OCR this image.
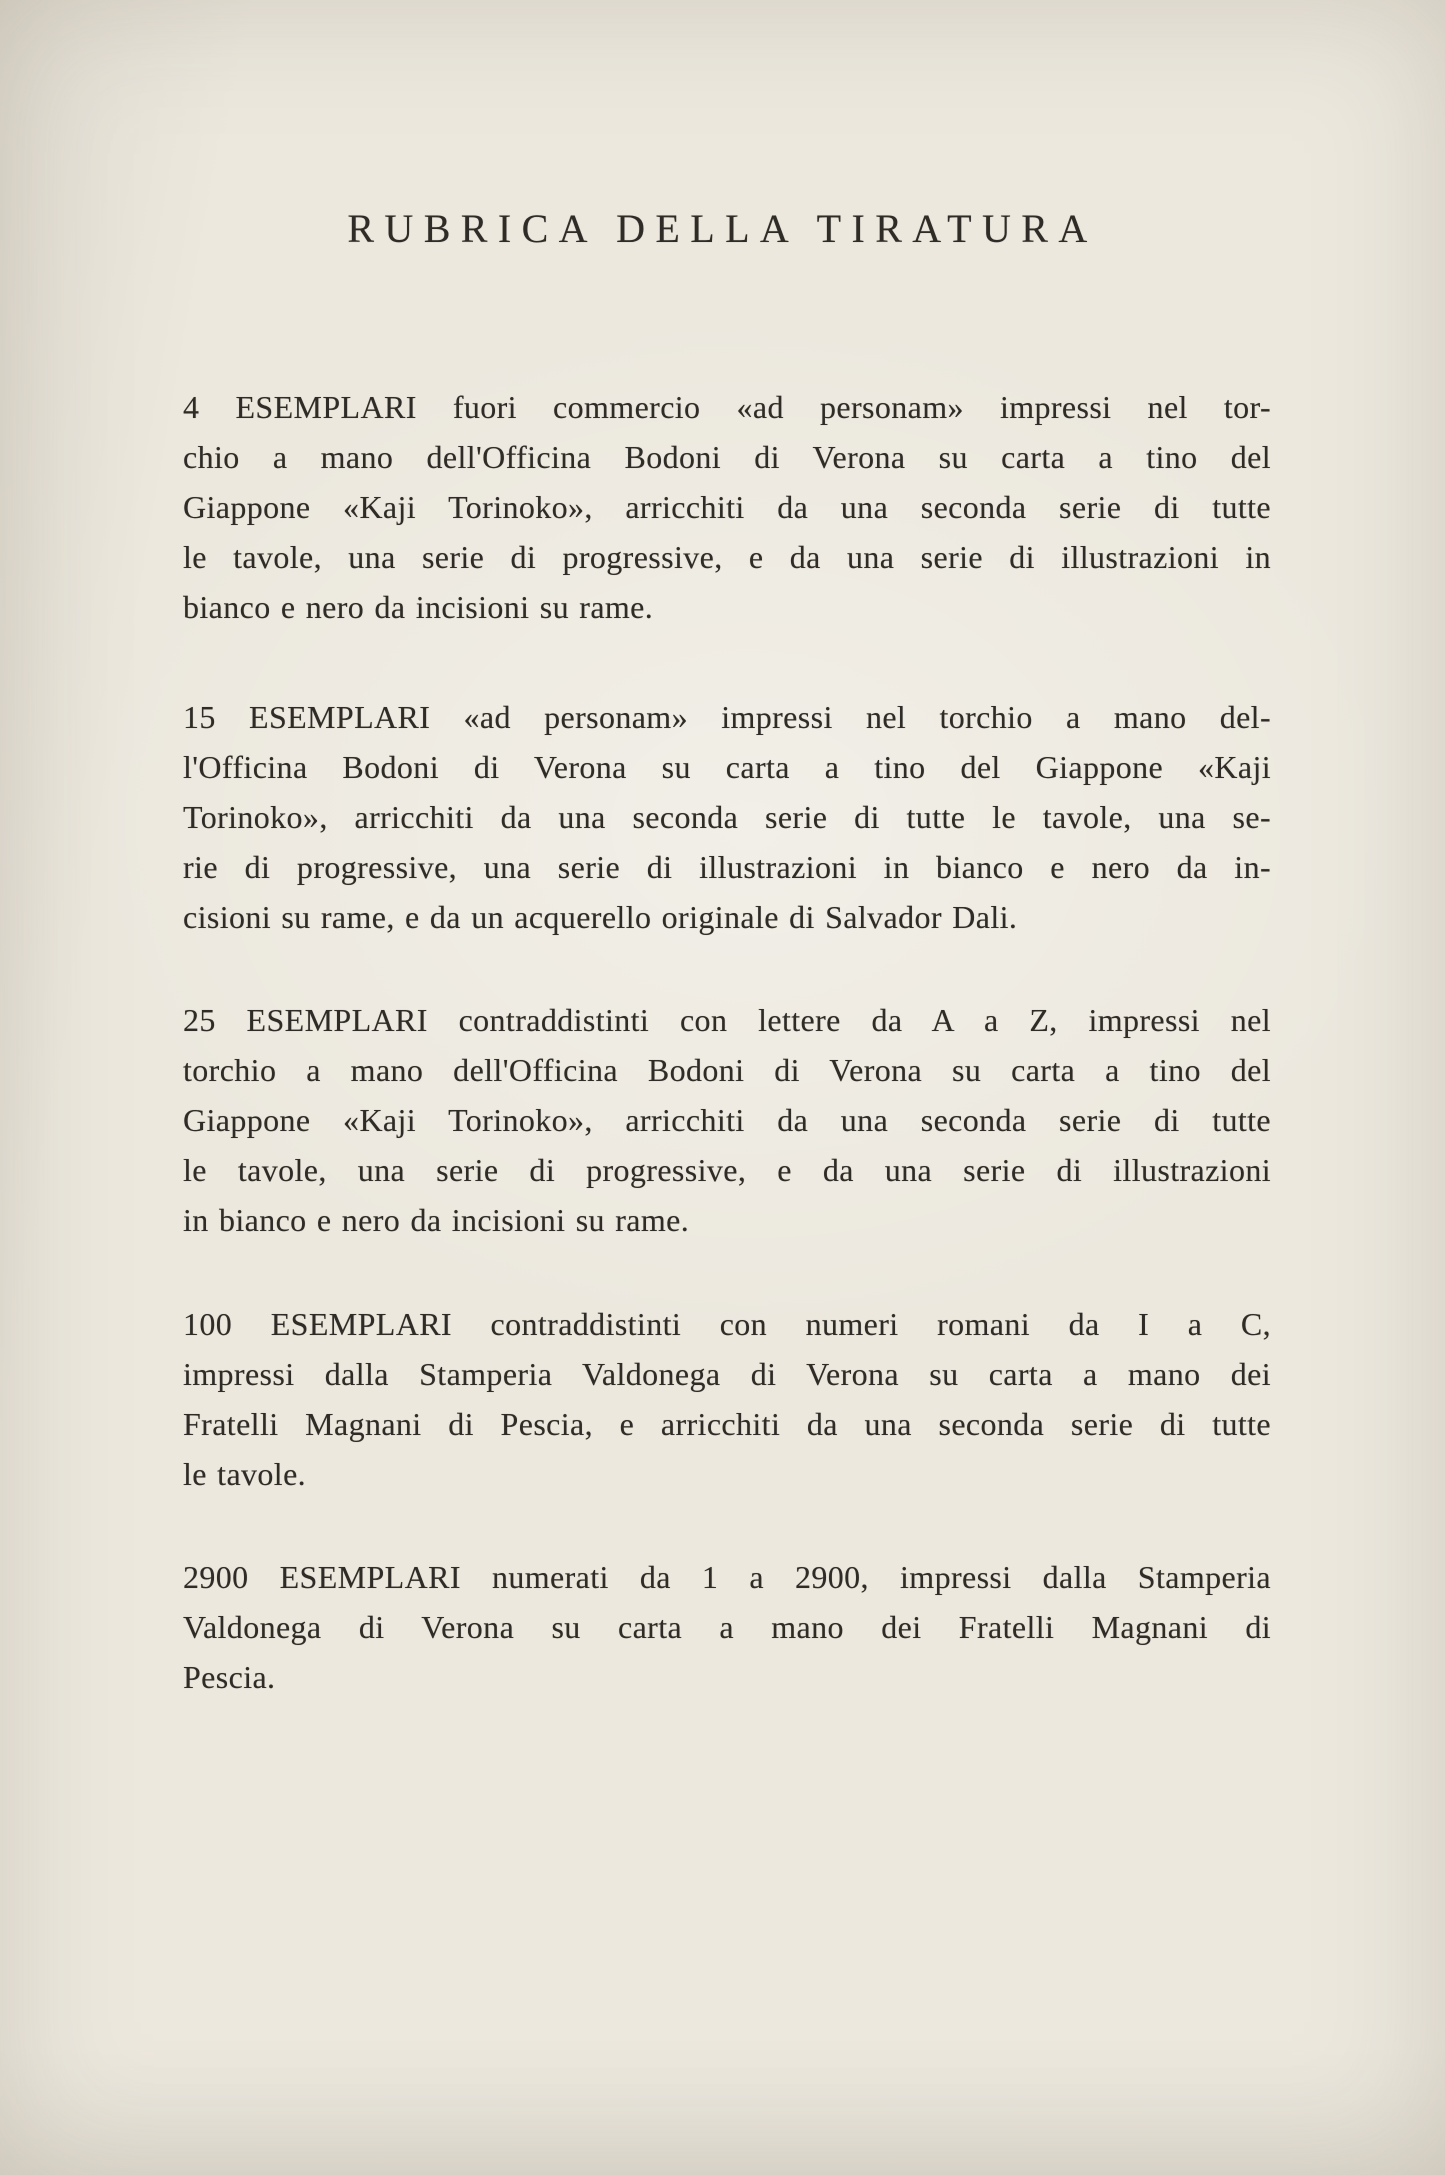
RUBRICA DELLA TIRATURA
4 ESEMPLARI fuori commercio «ad personam» impressi nel tor-
chio a mano dell'Officina Bodoni di Verona su carta a tino del
Giappone «Kaji Torinoko», arricchiti da una seconda serie di tutte
le tavole, una serie di progressive, e da una serie di illustrazioni in
bianco e nero da incisioni su rame.
15 ESEMPLARI «ad personam» impressi nel torchio a mano del-
l'Officina Bodoni di Verona su carta a tino del Giappone «Kaji
Torinoko», arricchiti da una seconda serie di tutte le tavole, una se-
rie di progressive, una serie di illustrazioni in bianco e nero da in-
cisioni su rame, e da un acquerello originale di Salvador Dali.
25 ESEMPLARI contraddistinti con lettere da A a Z, impressi nel
torchio a mano dell'Officina Bodoni di Verona su carta a tino del
Giappone «Kaji Torinoko», arricchiti da una seconda serie di tutte
le tavole, una serie di progressive, e da una serie di illustrazioni
in bianco e nero da incisioni su rame.
100 ESEMPLARI contraddistinti con numeri romani da I a C,
impressi dalla Stamperia Valdonega di Verona su carta a mano dei
Fratelli Magnani di Pescia, e arricchiti da una seconda serie di tutte
le tavole.
2900 ESEMPLARI numerati da 1 a 2900, impressi dalla Stamperia
Valdonega di Verona su carta a mano dei Fratelli Magnani di
Pescia.
